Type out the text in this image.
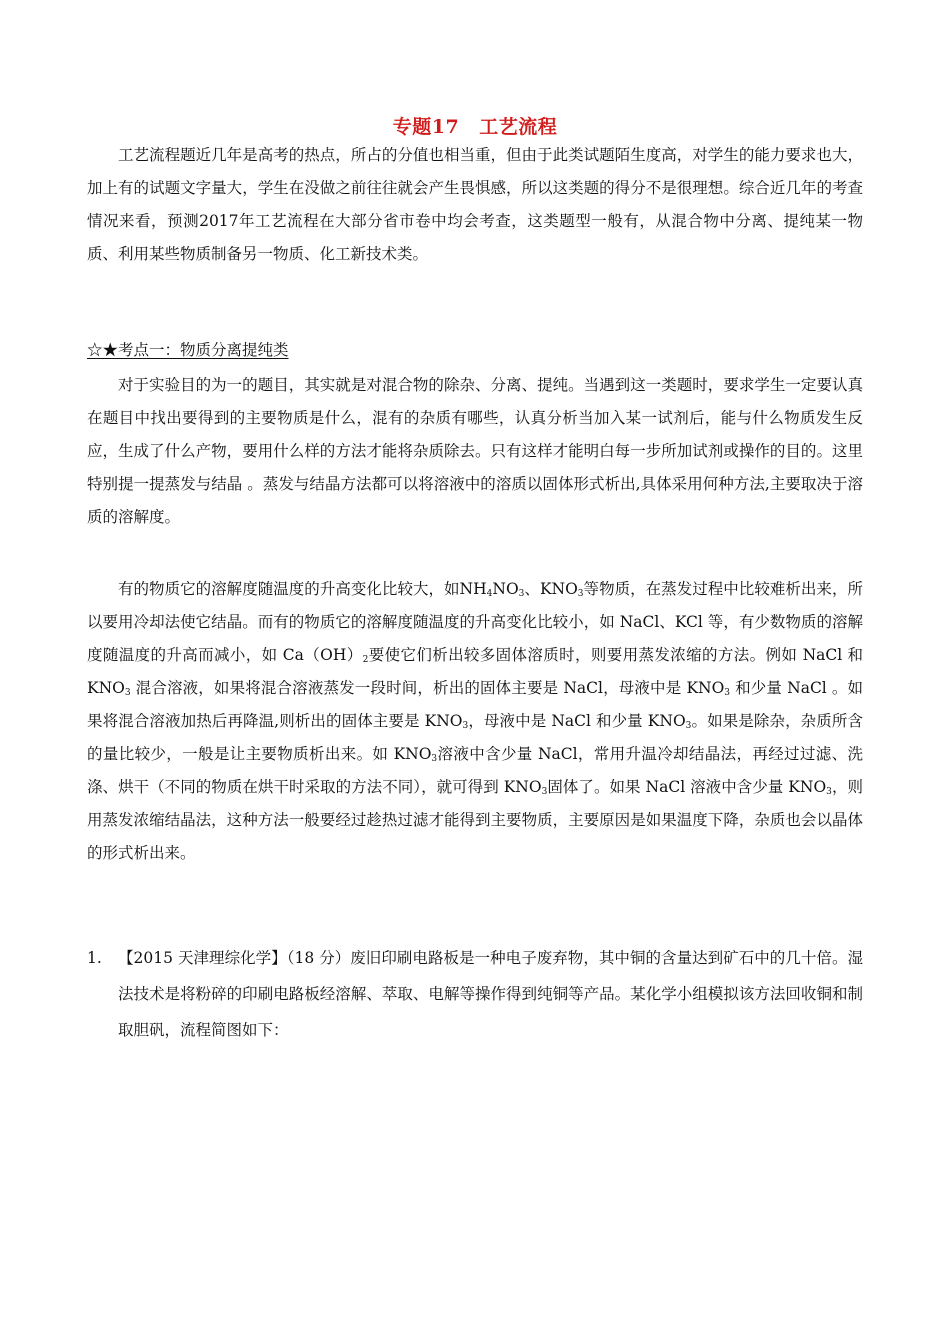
专题17 工艺流程

工艺流程题近几年是高考的热点，所占的分值也相当重，但由于此类试题陌生度高，对学生的能力要求也大，加上有的试题文字量大，学生在没做之前往往就会产生畏惧感，所以这类题的得分不是很理想。综合近几年的考查情况来看，预测2017年工艺流程在大部分省市卷中均会考查，这类题型一般有，从混合物中分离、提纯某一物质、利用某些物质制备另一物质、化工新技术类。

☆★考点一：物质分离提纯类

对于实验目的为一的题目，其实就是对混合物的除杂、分离、提纯。当遇到这一类题时，要求学生一定要认真在题目中找出要得到的主要物质是什么，混有的杂质有哪些，认真分析当加入某一试剂后，能与什么物质发生反应，生成了什么产物，要用什么样的方法才能将杂质除去。只有这样才能明白每一步所加试剂或操作的目的。这里特别提一提蒸发与结晶 。蒸发与结晶方法都可以将溶液中的溶质以固体形式析出,具体采用何种方法,主要取决于溶质的溶解度。

有的物质它的溶解度随温度的升高变化比较大，如$NH_4NO_3$、$KNO_3$等物质，在蒸发过程中比较难析出来，所以要用冷却法使它结晶。而有的物质它的溶解度随温度的升高变化比较小，如 NaCl、KCl 等，有少数物质的溶解度随温度的升高而减小，如 $Ca(OH)_2$要使它们析出较多固体溶质时，则要用蒸发浓缩的方法。例如 NaCl 和 $KNO_3$ 混合溶液，如果将混合溶液蒸发一段时间，析出的固体主要是 NaCl，母液中是 $KNO_3$ 和少量 NaCl 。如果将混合溶液加热后再降温,则析出的固体主要是 $KNO_3$，母液中是 NaCl 和少量 $KNO_3$。如果是除杂，杂质所含的量比较少，一般是让主要物质析出来。如 $KNO_3$溶液中含少量 NaCl，常用升温冷却结晶法，再经过过滤、洗涤、烘干（不同的物质在烘干时采取的方法不同），就可得到 $KNO_3$固体了。如果 NaCl 溶液中含少量 $KNO_3$，则用蒸发浓缩结晶法，这种方法一般要经过趁热过滤才能得到主要物质，主要原因是如果温度下降，杂质也会以晶体的形式析出来。

1. 【2015 天津理综化学】（18 分）废旧印刷电路板是一种电子废弃物，其中铜的含量达到矿石中的几十倍。湿法技术是将粉碎的印刷电路板经溶解、萃取、电解等操作得到纯铜等产品。某化学小组模拟该方法回收铜和制取胆矾，流程简图如下：
